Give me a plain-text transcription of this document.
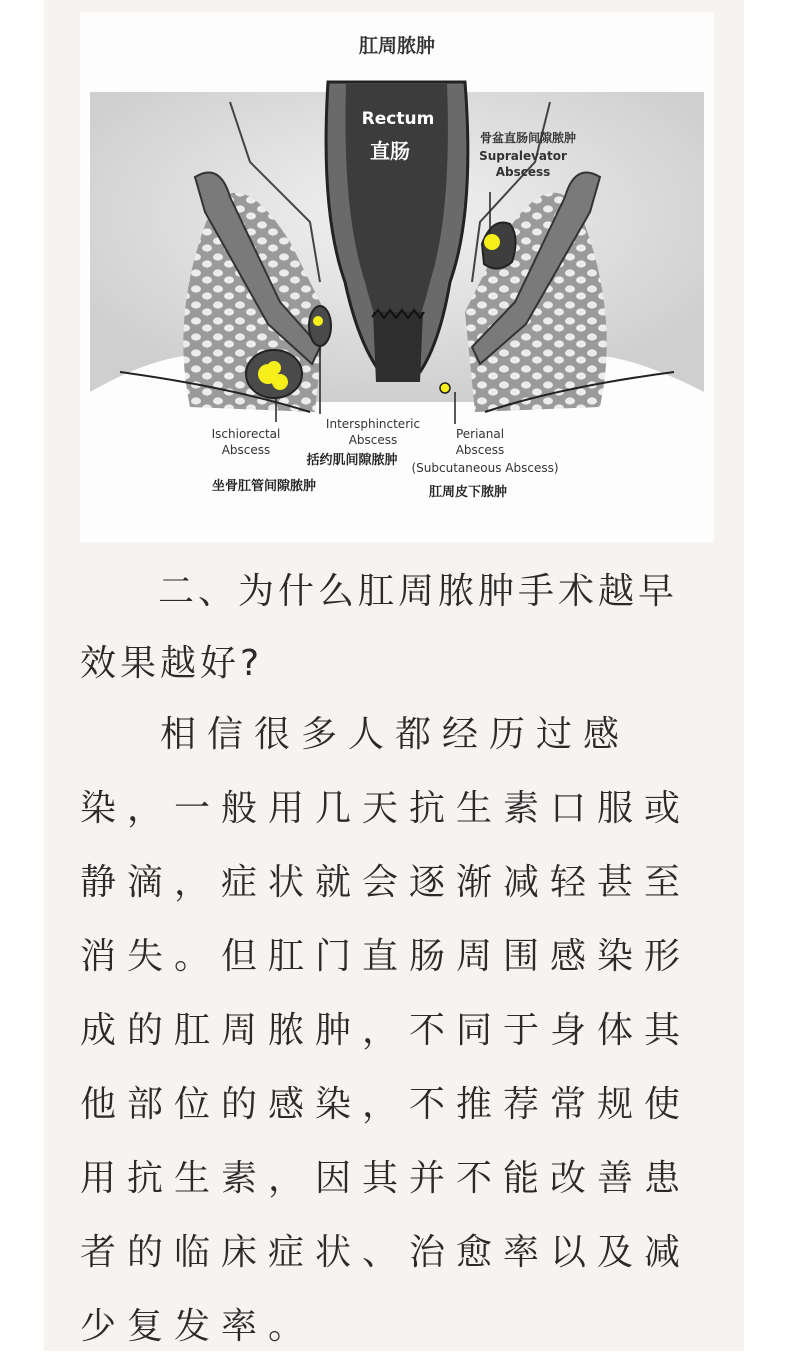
肛周脓肿
Rectum
直肠
骨盆直肠间隙脓肿
Supralevator
Abscess
Ischiorectal
Abscess
坐骨肛管间隙脓肿
Intersphincteric
Abscess
括约肌间隙脓肿
Perianal
Abscess
(Subcutaneous Abscess)
肛周皮下脓肿
二、为什么肛周脓肿手术越早效果越好?

相信很多人都经历过感染，一般用几天抗生素口服或静滴，症状就会逐渐减轻甚至消失。但肛门直肠周围感染形成的肛周脓肿，不同于身体其他部位的感染，不推荐常规使用抗生素，因其并不能改善患者的临床症状、治愈率以及减少复发率。
